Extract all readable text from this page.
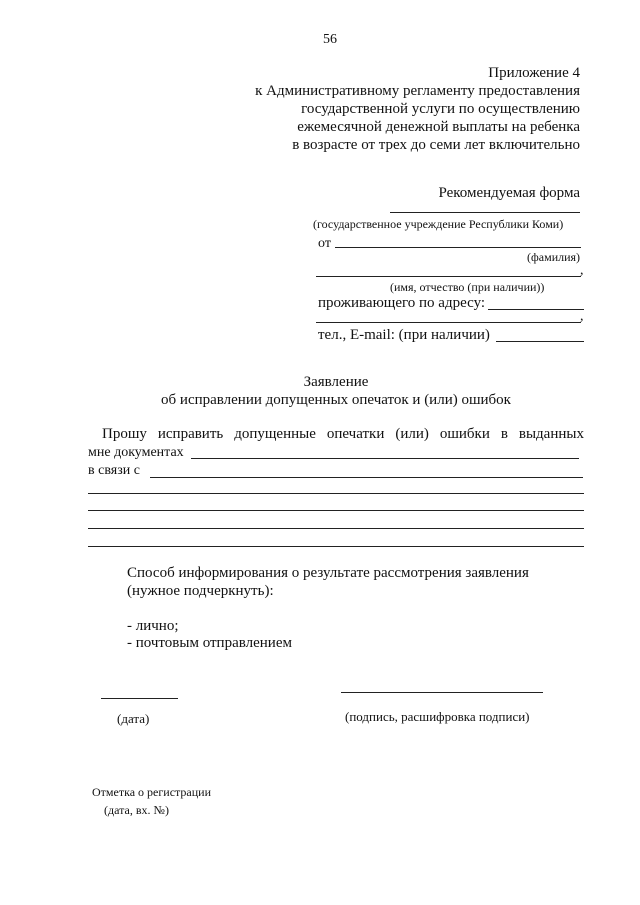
56
Приложение 4
к Административному регламенту предоставления
государственной услуги по осуществлению
ежемесячной денежной выплаты на ребенка
в возрасте от трех до семи лет включительно
Рекомендуемая форма
(государственное учреждение Республики Коми)
от
(фамилия)
,
(имя, отчество (при наличии))
проживающего по адресу:
,
тел., E-mail: (при наличии)
Заявление
об исправлении допущенных опечаток и (или) ошибок
Прошу исправить допущенные опечатки (или) ошибки в выданных
мне документах
в связи с
Способ информирования о результате рассмотрения заявления
(нужное подчеркнуть):
- лично;
- почтовым отправлением
(дата)	(подпись, расшифровка подписи)
Отметка о регистрации
(дата, вх. №)
